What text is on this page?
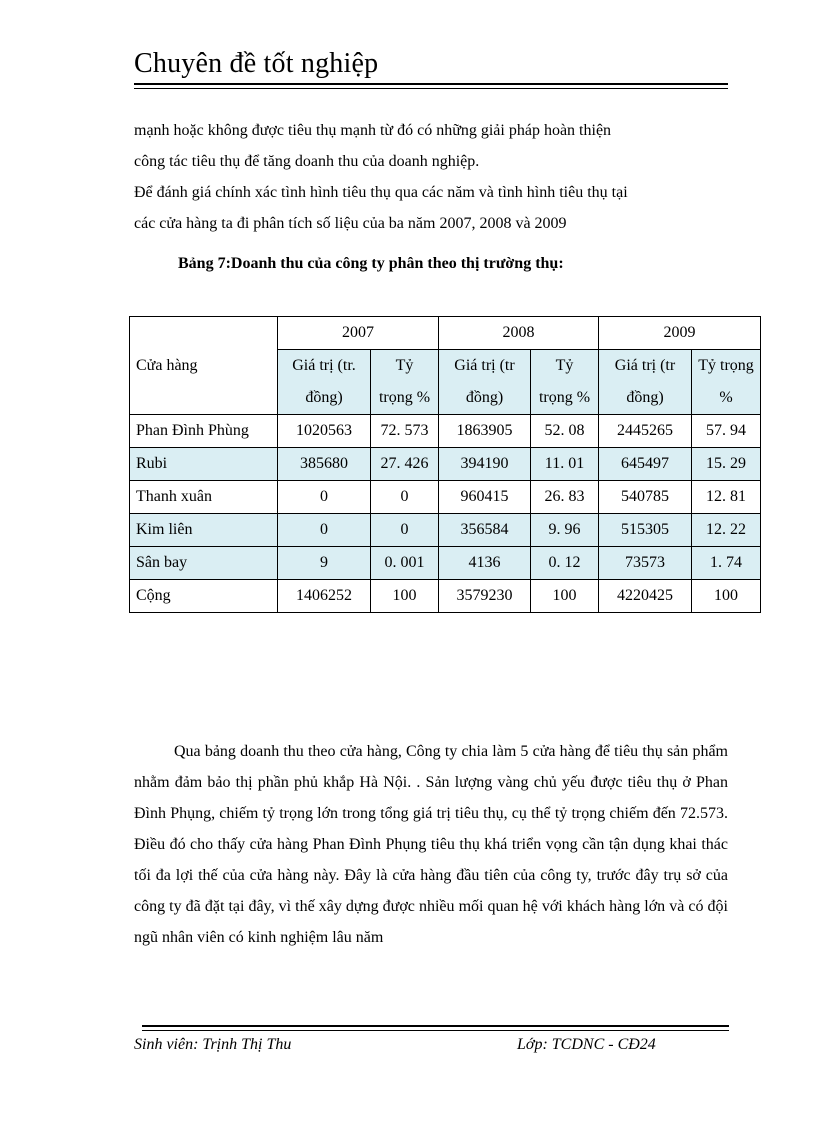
Chuyên đề tốt nghiệp
mạnh hoặc không được tiêu thụ mạnh từ đó có những giải pháp hoàn thiện
công tác tiêu thụ để tăng doanh thu của doanh nghiệp.
Để đánh giá chính xác tình hình tiêu thụ qua các năm và tình hình tiêu thụ tại
các cửa hàng ta đi phân tích số liệu của ba năm 2007, 2008 và 2009
Bảng 7:Doanh thu của công ty phân theo thị trường thụ:
Cửa hàng	2007		2008		2009	
	Giá trị (tr. đồng)	Tỷ trọng %	Giá trị (tr đồng)	Tỷ trọng %	Giá trị (tr đồng)	Tỷ trọng %
Phan Đình Phùng	1020563	72. 573	1863905	52. 08	2445265	57. 94
Rubi	385680	27. 426	394190	11. 01	645497	15. 29
Thanh xuân	0	0	960415	26. 83	540785	12. 81
Kim liên	0	0	356584	9. 96	515305	12. 22
Sân bay	9	0. 001	4136	0. 12	73573	1. 74
Cộng	1406252	100	3579230	100	4220425	100

Qua bảng doanh thu theo cửa hàng, Công ty chia làm 5 cửa hàng để tiêu thụ sản phẩm nhằm đảm bảo thị phần phủ khắp Hà Nội. . Sản lượng vàng chủ yếu được tiêu thụ ở Phan Đình Phụng, chiếm tỷ trọng lớn trong tổng giá trị tiêu thụ, cụ thể tỷ trọng chiếm đến 72.573. Điều đó cho thấy cửa hàng Phan Đình Phụng tiêu thụ khá triển vọng cần tận dụng khai thác tối đa lợi thế của cửa hàng này. Đây là cửa hàng đầu tiên của công ty, trước đây trụ sở của công ty đã đặt tại đây, vì thế xây dựng được nhiều mối quan hệ với khách hàng lớn và có đội ngũ nhân viên có kinh nghiệm lâu năm

Sinh viên: Trịnh Thị Thu	Lớp: TCDNC - CĐ24
